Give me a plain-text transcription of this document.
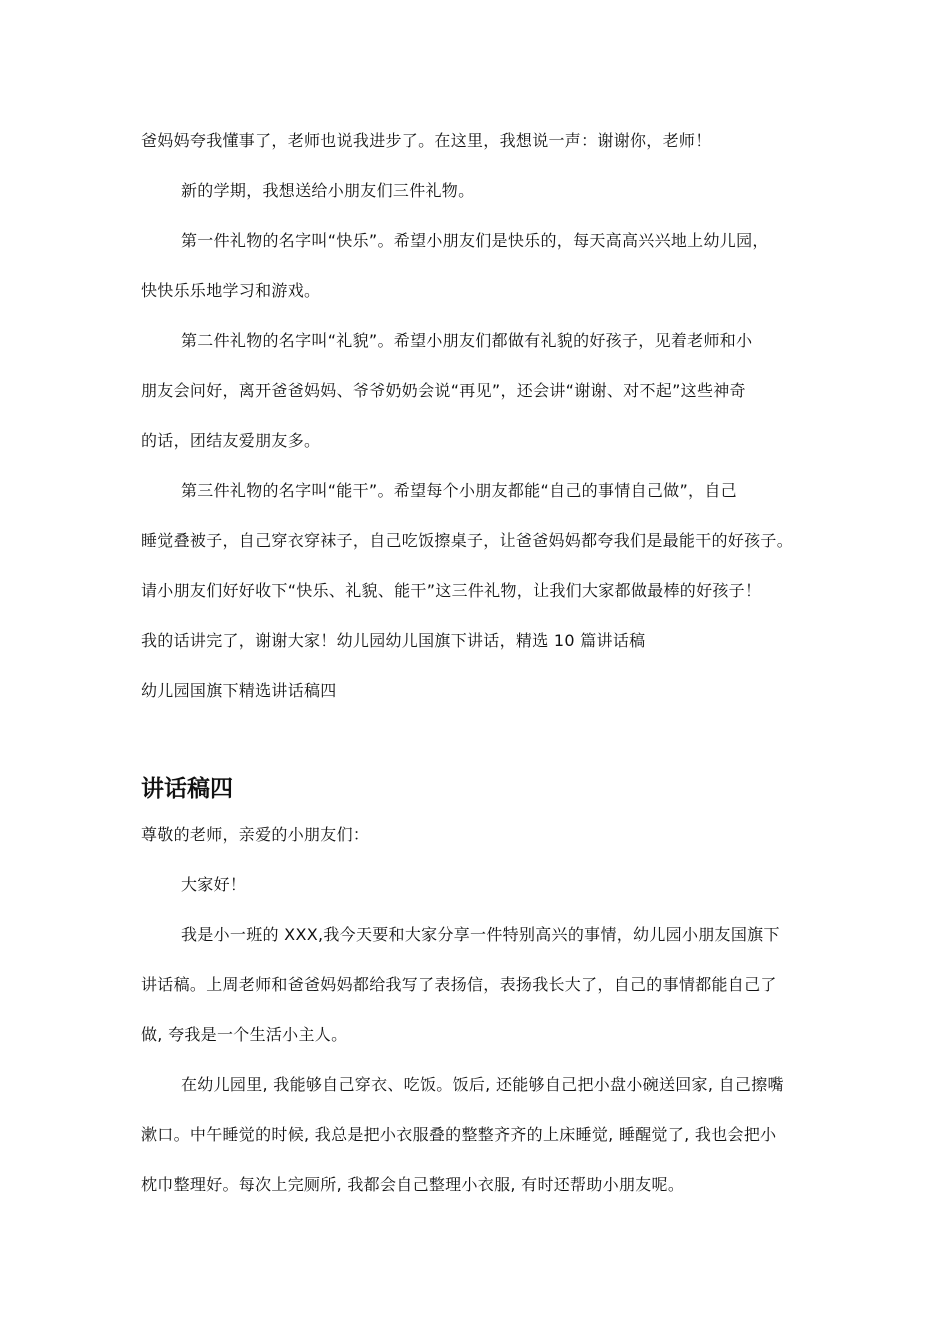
爸妈妈夸我懂事了，老师也说我进步了。在这里，我想说一声：谢谢你，老师！
新的学期，我想送给小朋友们三件礼物。
第一件礼物的名字叫“快乐”。希望小朋友们是快乐的，每天高高兴兴地上幼儿园，
快快乐乐地学习和游戏。
第二件礼物的名字叫“礼貌”。希望小朋友们都做有礼貌的好孩子，见着老师和小
朋友会问好，离开爸爸妈妈、爷爷奶奶会说“再见”，还会讲“谢谢、对不起”这些神奇
的话，团结友爱朋友多。
第三件礼物的名字叫“能干”。希望每个小朋友都能“自己的事情自己做”，自己
睡觉叠被子，自己穿衣穿袜子，自己吃饭擦桌子，让爸爸妈妈都夸我们是最能干的好孩子。
请小朋友们好好收下“快乐、礼貌、能干”这三件礼物，让我们大家都做最棒的好孩子！
我的话讲完了，谢谢大家！幼儿园幼儿国旗下讲话，精选 10 篇讲话稿
幼儿园国旗下精选讲话稿四
讲话稿四
尊敬的老师，亲爱的小朋友们：
大家好！
我是小一班的 XXX,我今天要和大家分享一件特别高兴的事情，幼儿园小朋友国旗下
讲话稿。上周老师和爸爸妈妈都给我写了表扬信，表扬我长大了，自己的事情都能自己了
做, 夸我是一个生活小主人。
在幼儿园里, 我能够自己穿衣、吃饭。饭后, 还能够自己把小盘小碗送回家, 自己擦嘴
漱口。中午睡觉的时候, 我总是把小衣服叠的整整齐齐的上床睡觉, 睡醒觉了, 我也会把小
枕巾整理好。每次上完厕所, 我都会自己整理小衣服, 有时还帮助小朋友呢。
